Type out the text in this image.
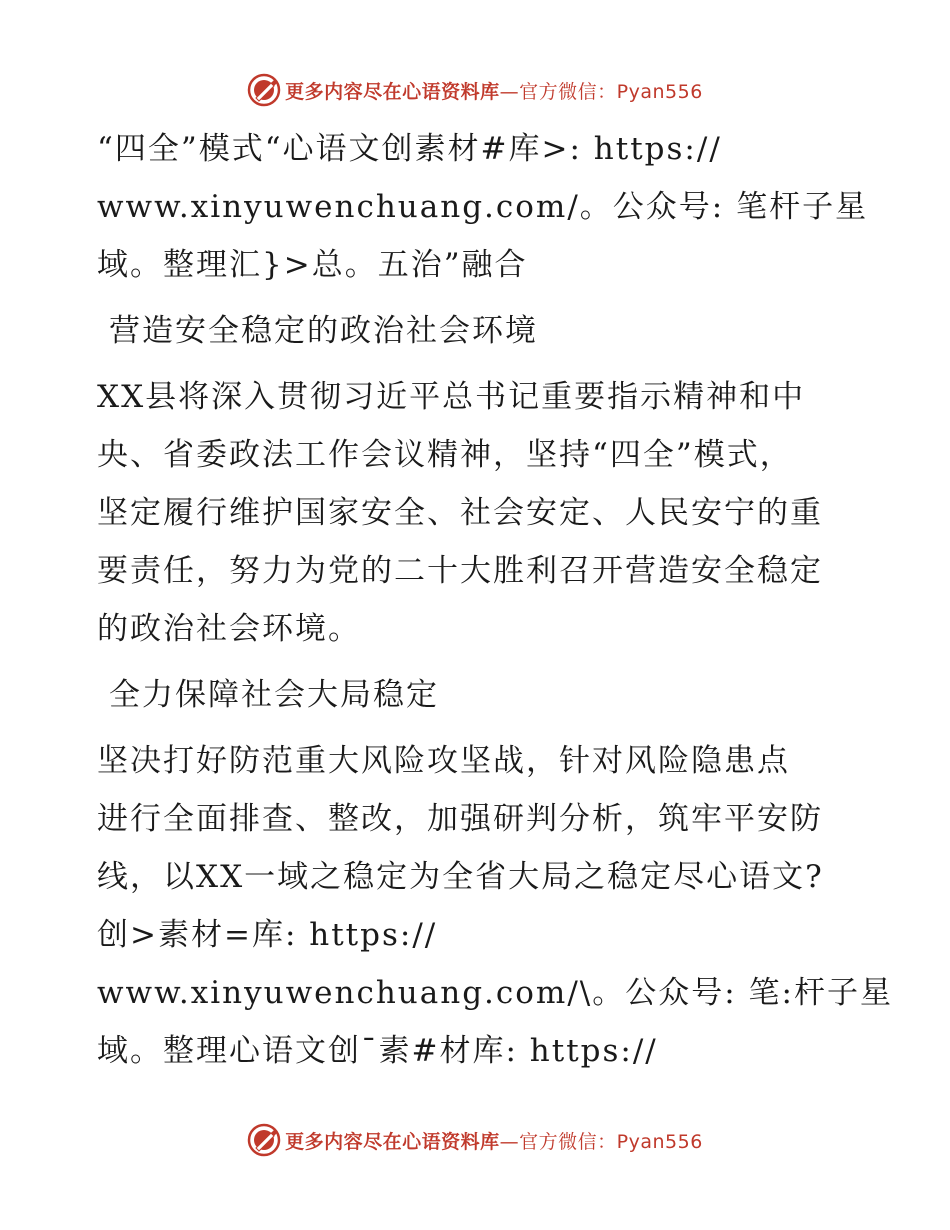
更多内容尽在心语资料库—官方微信：Pyan556
“四全”模式“心语文创素材#库>: https://
www.xinyuwenchuang.com/。公众号: 笔杆子星
域。整理汇}>总。五治”融合
营造安全稳定的政治社会环境
XX县将深入贯彻习近平总书记重要指示精神和中
央、省委政法工作会议精神，坚持“四全”模式，
坚定履行维护国家安全、社会安定、人民安宁的重
要责任，努力为党的二十大胜利召开营造安全稳定
的政治社会环境。
全力保障社会大局稳定
坚决打好防范重大风险攻坚战，针对风险隐患点
进行全面排查、整改，加强研判分析，筑牢平安防
线，以XX一域之稳定为全省大局之稳定尽心语文?
创>素材=库: https://
www.xinyuwenchuang.com/\。公众号: 笔:杆子星
域。整理心语文创¯素#材库: https://
更多内容尽在心语资料库—官方微信：Pyan556
